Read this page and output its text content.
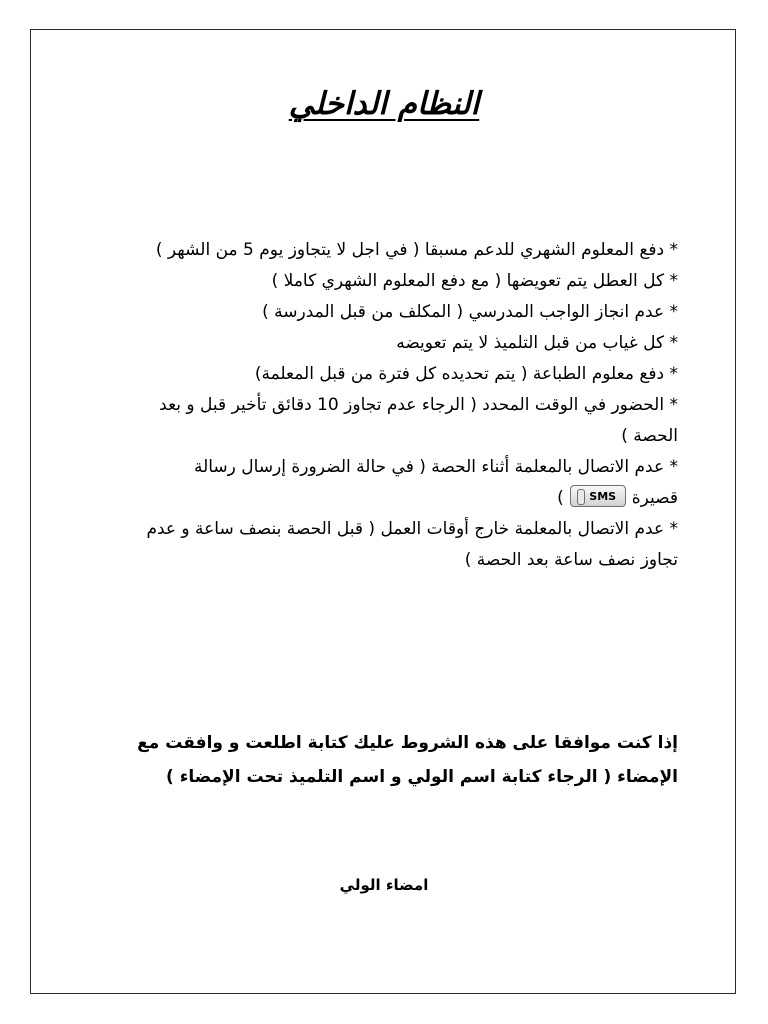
النظام الداخلي

* دفع المعلوم الشهري للدعم مسبقا ( في اجل لا يتجاوز يوم 5 من الشهر )

* كل العطل يتم تعويضها ( مع دفع المعلوم الشهري كاملا )

* عدم انجاز الواجب المدرسي ( المكلف من قبل المدرسة )

* كل غياب من قبل التلميذ لا يتم تعويضه

* دفع معلوم الطباعة ( يتم تحديده كل فترة من قبل المعلمة)

* الحضور في الوقت المحدد ( الرجاء عدم تجاوز 10 دقائق تأخير قبل و بعد الحصة )

* عدم الاتصال بالمعلمة أثناء الحصة ( في حالة الضرورة إرسال رسالة قصيرةSMS)

* عدم الاتصال بالمعلمة خارج أوقات العمل ( قبل الحصة بنصف ساعة و عدم تجاوز نصف ساعة بعد الحصة )

إذا كنت موافقا على هذه الشروط عليك كتابة اطلعت و وافقت مع الإمضاء ( الرجاء كتابة اسم الولي و اسم التلميذ تحت الإمضاء )

امضاء الولي
